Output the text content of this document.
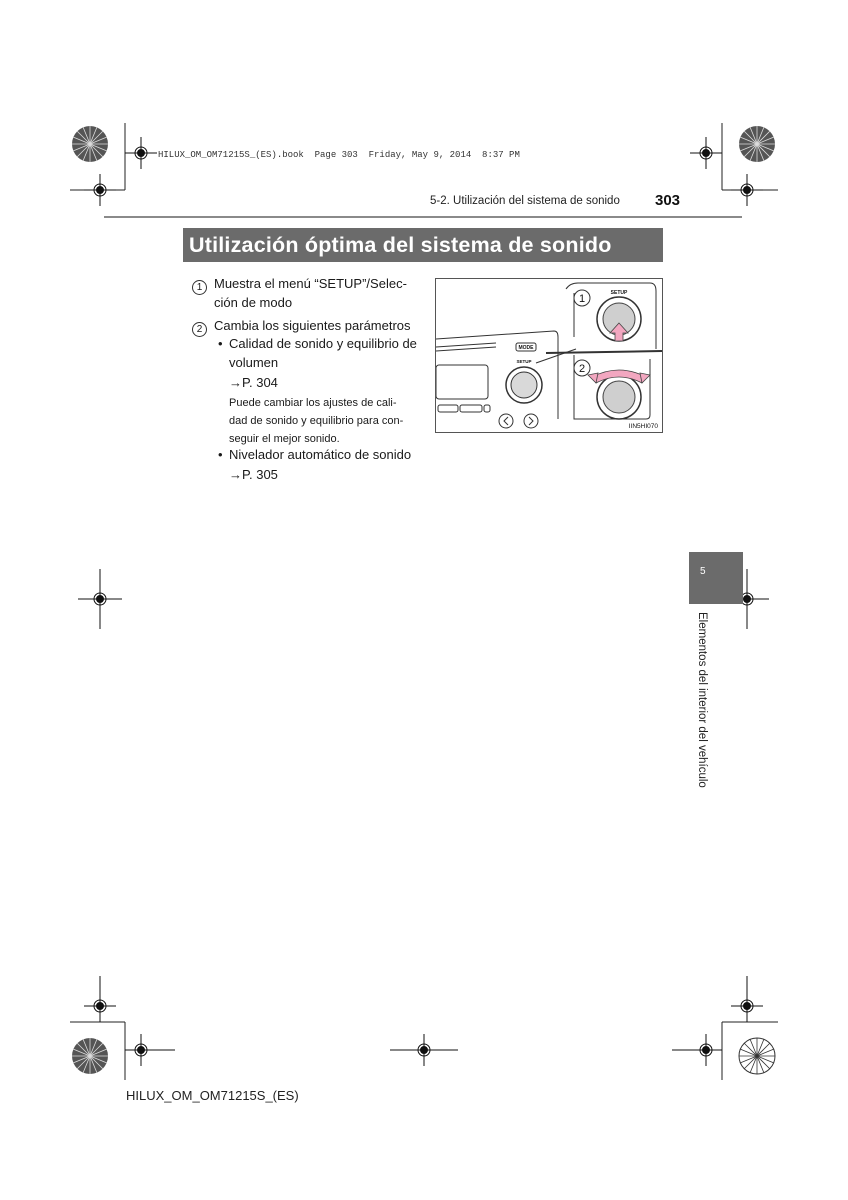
HILUX_OM_OM71215S_(ES).book  Page 303  Friday, May 9, 2014  8:37 PM
5-2. Utilización del sistema de sonido 303
Utilización óptima del sistema de sonido
1 Muestra el menú “SETUP”/Selec-
ción de modo
2 Cambia los siguientes parámetros
• Calidad de sonido y equilibrio de
volumen
→P. 304
Puede cambiar los ajustes de cali-
dad de sonido y equilibrio para con-
seguir el mejor sonido.
• Nivelador automático de sonido
→P. 305
MODE
SETUP
SETUP
1
2
IIN5HI070
5
Elementos del interior del vehículo
HILUX_OM_OM71215S_(ES)
